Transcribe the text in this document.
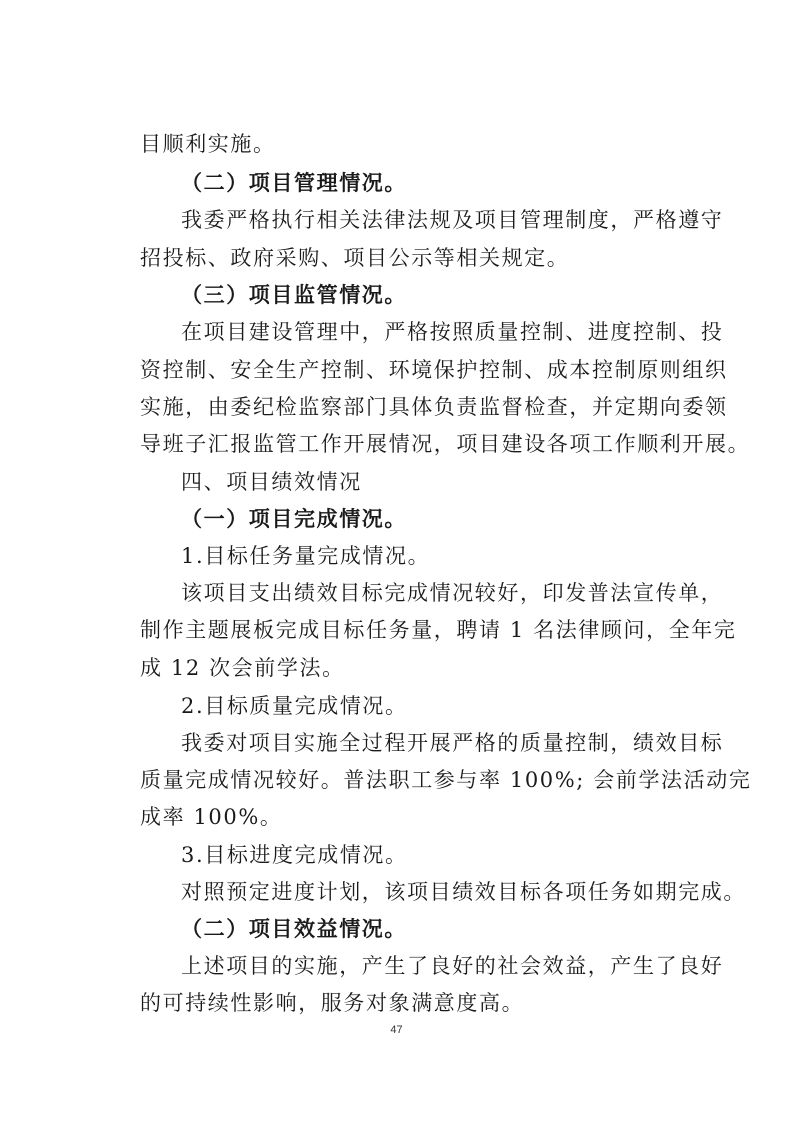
目顺利实施。
（二）项目管理情况。
我委严格执行相关法律法规及项目管理制度，严格遵守
招投标、政府采购、项目公示等相关规定。
（三）项目监管情况。
在项目建设管理中，严格按照质量控制、进度控制、投
资控制、安全生产控制、环境保护控制、成本控制原则组织
实施，由委纪检监察部门具体负责监督检查，并定期向委领
导班子汇报监管工作开展情况，项目建设各项工作顺利开展。
四、项目绩效情况
（一）项目完成情况。
1.目标任务量完成情况。
该项目支出绩效目标完成情况较好，印发普法宣传单，
制作主题展板完成目标任务量，聘请 1 名法律顾问，全年完
成 12 次会前学法。
2.目标质量完成情况。
我委对项目实施全过程开展严格的质量控制，绩效目标
质量完成情况较好。普法职工参与率 100%; 会前学法活动完
成率 100%。
3.目标进度完成情况。
对照预定进度计划，该项目绩效目标各项任务如期完成。
（二）项目效益情况。
上述项目的实施，产生了良好的社会效益，产生了良好
的可持续性影响，服务对象满意度高。
47
